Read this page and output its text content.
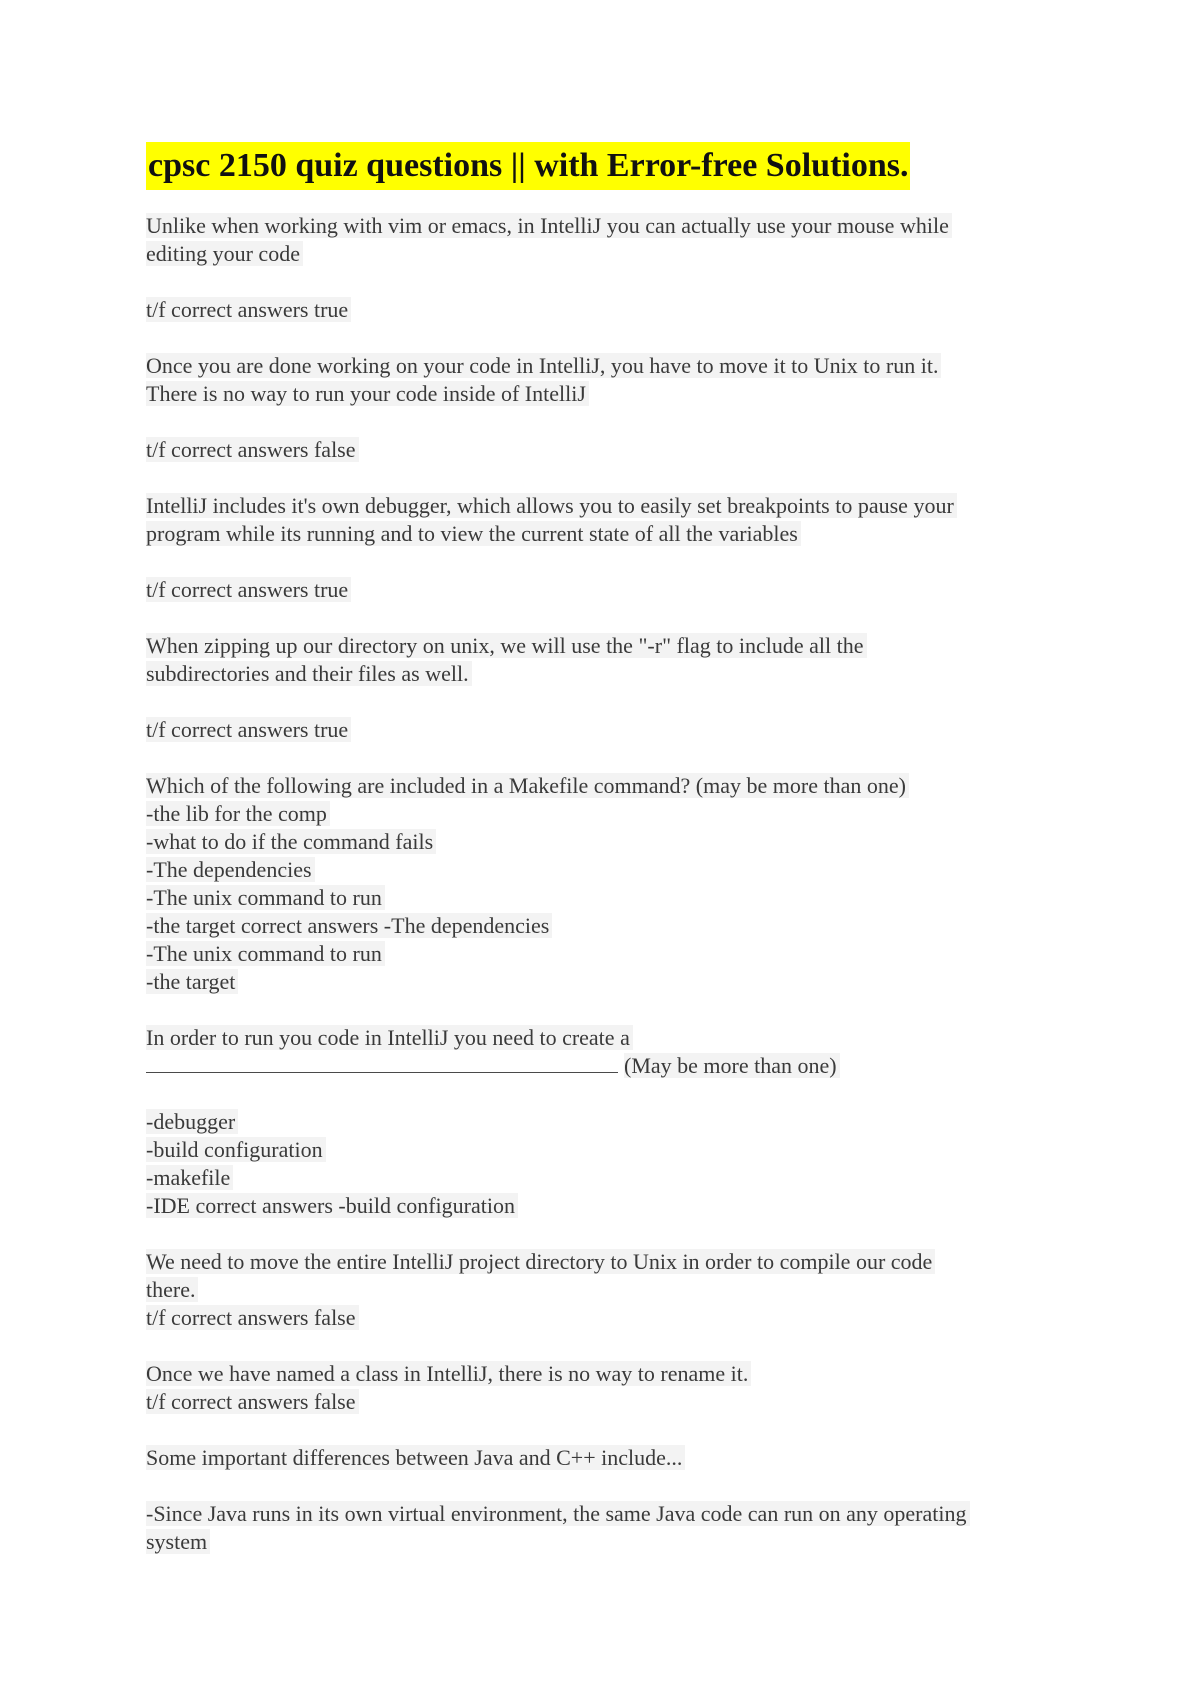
cpsc 2150 quiz questions || with Error-free Solutions.
Unlike when working with vim or emacs, in IntelliJ you can actually use your mouse while
editing your code
t/f correct answers true
Once you are done working on your code in IntelliJ, you have to move it to Unix to run it.
There is no way to run your code inside of IntelliJ
t/f correct answers false
IntelliJ includes it's own debugger, which allows you to easily set breakpoints to pause your
program while its running and to view the current state of all the variables
t/f correct answers true
When zipping up our directory on unix, we will use the "-r" flag to include all the
subdirectories and their files as well.
t/f correct answers true
Which of the following are included in a Makefile command? (may be more than one)
-the lib for the comp
-what to do if the command fails
-The dependencies
-The unix command to run
-the target correct answers -The dependencies
-The unix command to run
-the target
In order to run you code in IntelliJ you need to create a
(May be more than one)
-debugger
-build configuration
-makefile
-IDE correct answers -build configuration
We need to move the entire IntelliJ project directory to Unix in order to compile our code
there.
t/f correct answers false
Once we have named a class in IntelliJ, there is no way to rename it.
t/f correct answers false
Some important differences between Java and C++ include...
-Since Java runs in its own virtual environment, the same Java code can run on any operating
system
